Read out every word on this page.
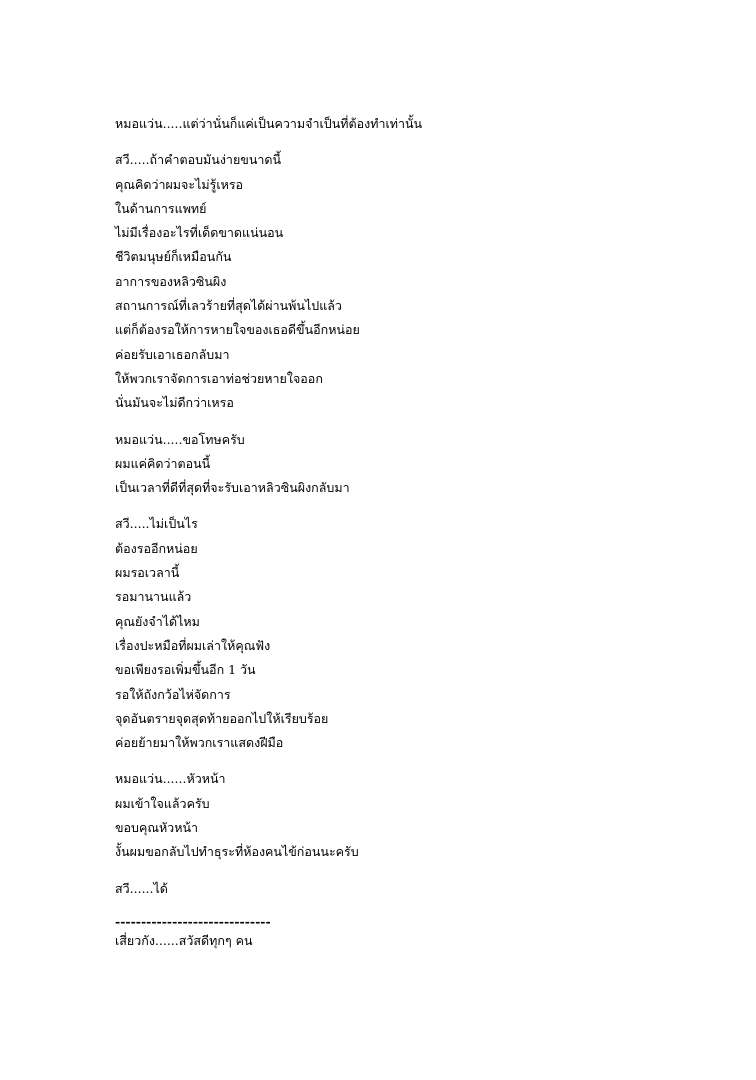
หมอแว่น.....แต่ว่านั่นก็แค่เป็นความจำเป็นที่ต้องทำเท่านั้น
สวี.....ถ้าคำตอบมันง่ายขนาดนี้
คุณคิดว่าผมจะไม่รู้เหรอ
ในด้านการแพทย์
ไม่มีเรื่องอะไรที่เด็ดขาดแน่นอน
ชีวิตมนุษย์ก็เหมือนกัน
อาการของหลิวซินผิง
สถานการณ์ที่เลวร้ายที่สุดได้ผ่านพ้นไปแล้ว
แต่ก็ต้องรอให้การหายใจของเธอดีขึ้นอีกหน่อย
ค่อยรับเอาเธอกลับมา
ให้พวกเราจัดการเอาท่อช่วยหายใจออก
นั่นมันจะไม่ดีกว่าเหรอ
หมอแว่น.....ขอโทษครับ
ผมแค่คิดว่าตอนนี้
เป็นเวลาที่ดีที่สุดที่จะรับเอาหลิวซินผิงกลับมา
สวี.....ไม่เป็นไร
ต้องรออีกหน่อย
ผมรอเวลานี้
รอมานานแล้ว
คุณยังจำได้ไหม
เรื่องปะหมือที่ผมเล่าให้คุณฟัง
ขอเพียงรอเพิ่มขึ้นอีก 1 วัน
รอให้ถังกว้อไห่จัดการ
จุดอันตรายจุดสุดท้ายออกไปให้เรียบร้อย
ค่อยย้ายมาให้พวกเราแสดงฝีมือ
หมอแว่น......หัวหน้า
ผมเข้าใจแล้วครับ
ขอบคุณหัวหน้า
งั้นผมขอกลับไปทำธุระที่ห้องคนไข้ก่อนนะครับ
สวี......ได้
------------------------------
เสี่ยวกัง......สวัสดีทุกๆ คน
